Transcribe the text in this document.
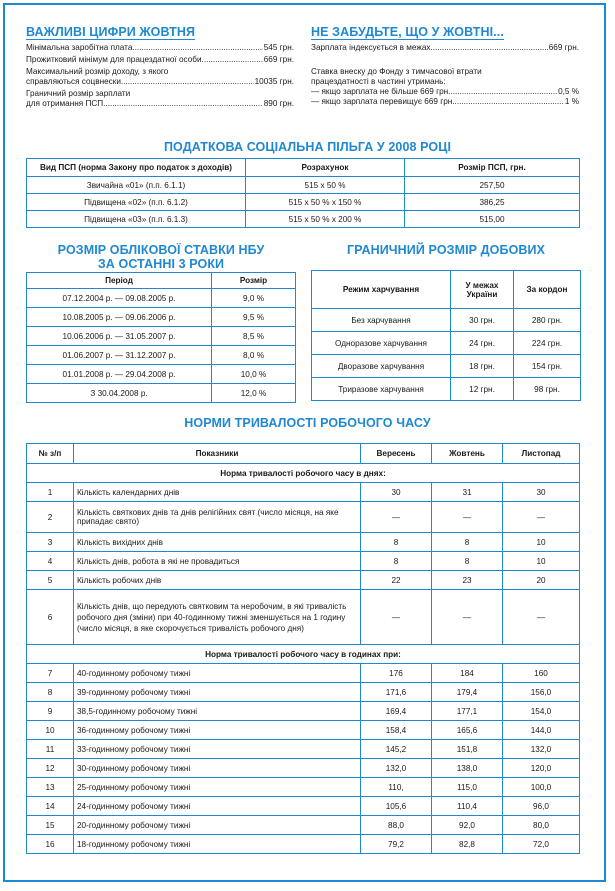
ВАЖЛИВІ ЦИФРИ ЖОВТНЯ
Мінімальна заробітна плата .....	545 грн.
Прожитковий мінімум для працездатної особи .....	669 грн.
Максимальний розмір доходу, з якого
справляються соцвнески .....	10035 грн.
Граничний розмір зарплати
для отримання ПСП .....	890 грн.
НЕ ЗАБУДЬТЕ, ЩО У ЖОВТНІ...
Зарплата індексується в межах .....	669 грн.
Ставка внеску до Фонду з тимчасової втрати
працездатності в частині утримань:
— якщо зарплата не більше 669 грн. .....	0,5 %
— якщо зарплата перевищує 669 грн. .....	1 %
ПОДАТКОВА СОЦІАЛЬНА ПІЛЬГА У 2008 РОЦІ
Вид ПСП (норма Закону про податок з доходів)	Розрахунок	Розмір ПСП, грн.
Звичайна «01» (п.п. 6.1.1)	515 х 50 %	257,50
Підвищена «02» (п.п. 6.1.2)	515 х 50 % х 150 %	386,25
Підвищена «03» (п.п. 6.1.3)	515 х 50 % х 200 %	515,00
РОЗМІР ОБЛІКОВОЇ СТАВКИ НБУ
ЗА ОСТАННІ 3 РОКИ
Період	Розмір
07.12.2004 р. — 09.08.2005 р.	9,0 %
10.08.2005 р. — 09.06.2006 р.	9,5 %
10.06.2006 р. — 31.05.2007 р.	8,5 %
01.06.2007 р. — 31.12.2007 р.	8,0 %
01.01.2008 р. — 29.04.2008 р.	10,0 %
З 30.04.2008 р.	12,0 %
ГРАНИЧНИЙ РОЗМІР ДОБОВИХ
Режим харчування	У межах України	За кордон
Без харчування	30 грн.	280 грн.
Одноразове харчування	24 грн.	224 грн.
Дворазове харчування	18 грн.	154 грн.
Триразове харчування	12 грн.	98 грн.
НОРМИ ТРИВАЛОСТІ РОБОЧОГО ЧАСУ
№ з/п	Показники	Вересень	Жовтень	Листопад
Норма тривалості робочого часу в днях:				
1	Кількість календарних днів	30	31	30
2	Кількість святкових днів та днів релігійних свят (число місяця, на яке припадає свято)	—	—	—
3	Кількість вихідних днів	8	8	10
4	Кількість днів, робота в які не провадиться	8	8	10
5	Кількість робочих днів	22	23	20
6	Кількість днів, що передують святковим та неробочим, в які тривалість робочого дня (зміни) при 40-годинному тижні зменшується на 1 годину (число місяця, в яке скорочується тривалість робочого дня)	—	—	—
Норма тривалості робочого часу в годинах при:				
7	40-годинному робочому тижні	176	184	160
8	39-годинному робочому тижні	171,6	179,4	156,0
9	38,5-годинному робочому тижні	169,4	177,1	154,0
10	36-годинному робочому тижні	158,4	165,6	144,0
11	33-годинному робочому тижні	145,2	151,8	132,0
12	30-годинному робочому тижні	132,0	138,0	120,0
13	25-годинному робочому тижні	110,	115,0	100,0
14	24-годинному робочому тижні	105,6	110,4	96,0
15	20-годинному робочому тижні	88,0	92,0	80,0
16	18-годинному робочому тижні	79,2	82,8	72,0
